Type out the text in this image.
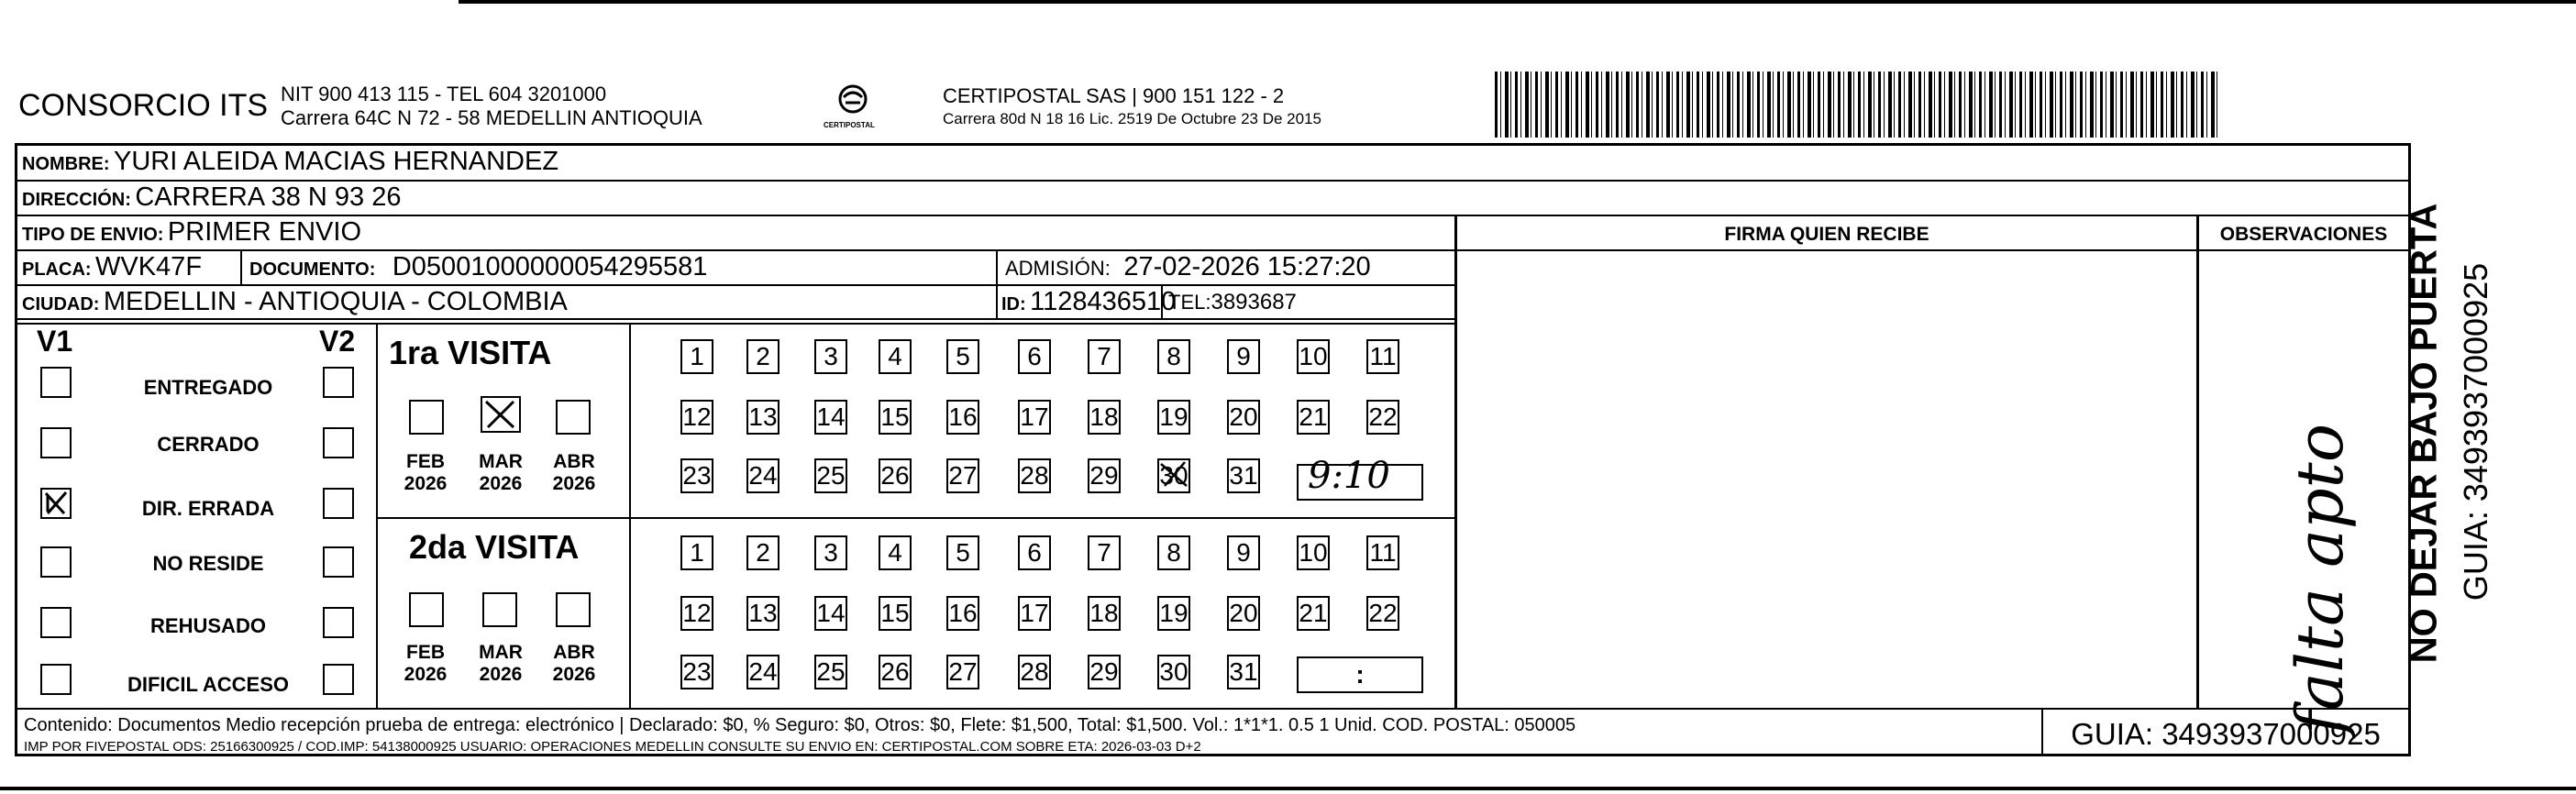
CONSORCIO ITS NIT 900 413 115 - TEL 604 3201000
Carrera 64C N 72 - 58 MEDELLIN ANTIOQUIA	CERTIPOSTAL
CERTIPOSTAL SAS | 900 151 122 - 2
Carrera 80d N 18 16 Lic. 2519 De Octubre 23 De 2015
NOMBRE: YURI ALEIDA MACIAS HERNANDEZ
DIRECCIÓN: CARRERA 38 N 93 26
TIPO DE ENVIO: PRIMER ENVIO
PLACA: WVK47F	DOCUMENTO: D05001000000054295581	ADMISIÓN: 27-02-2026 15:27:20
CIUDAD: MEDELLIN - ANTIOQUIA - COLOMBIA	ID: 1128436510
TEL:3893687
FIRMA QUIEN RECIBE	OBSERVACIONES
V1	V2
ENTREGADO
CERRADO
DIR. ERRADA
NO RESIDE
REHUSADO
DIFICIL ACCESO
1ra VISITA
FEB
2026
MAR
2026
ABR
2026
1	2	3	4	5	6	7	8	9	10 11
12 13 14 15 16 17 18 19 20 21 22
23 24 25 26 27 28 29 30 31 9:10
2da VISITA
FEB
2026
MAR
2026
ABR
2026
1	2	3	4	5	6	7	8	9	10 11
12 13 14 15 16 17 18 19 20 21 22
23 24 25 26 27 28 29 30 31	:	falta apto
Contenido: Documentos Medio recepción prueba de entrega: electrónico | Declarado: $0, % Seguro: $0, Otros: $0, Flete: $1,500, Total: $1,500. Vol.: 1*1*1. 0.5 1 Unid. COD. POSTAL: 050005
IMP POR FIVEPOSTAL ODS: 25166300925 / COD.IMP: 54138000925 USUARIO: OPERACIONES MEDELLIN CONSULTE SU ENVIO EN: CERTIPOSTAL.COM SOBRE ETA: 2026-03-03 D+2	GUIA: 3493937000925
NO DEJAR BAJO PUERTA GUIA: 3493937000925
